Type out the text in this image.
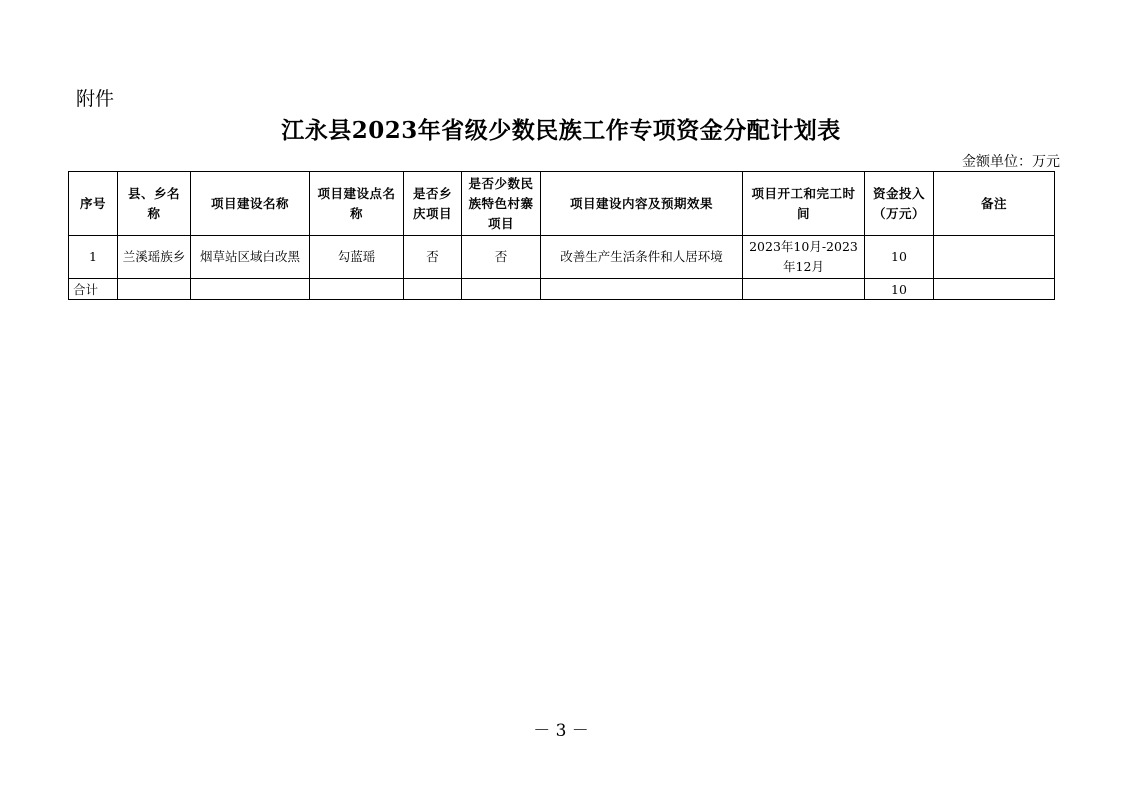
附件
江永县2023年省级少数民族工作专项资金分配计划表
金额单位：万元
序号	县、乡名称	项目建设名称	项目建设点名称	是否乡庆项目	是否少数民族特色村寨项目	项目建设内容及预期效果	项目开工和完工时间	资金投入（万元）	备注
1	兰溪瑶族乡	烟草站区域白改黑	勾蓝瑶	否	否	改善生产生活条件和人居环境	2023年10月-2023年12月	10	
合计								10	
－ 3 －
